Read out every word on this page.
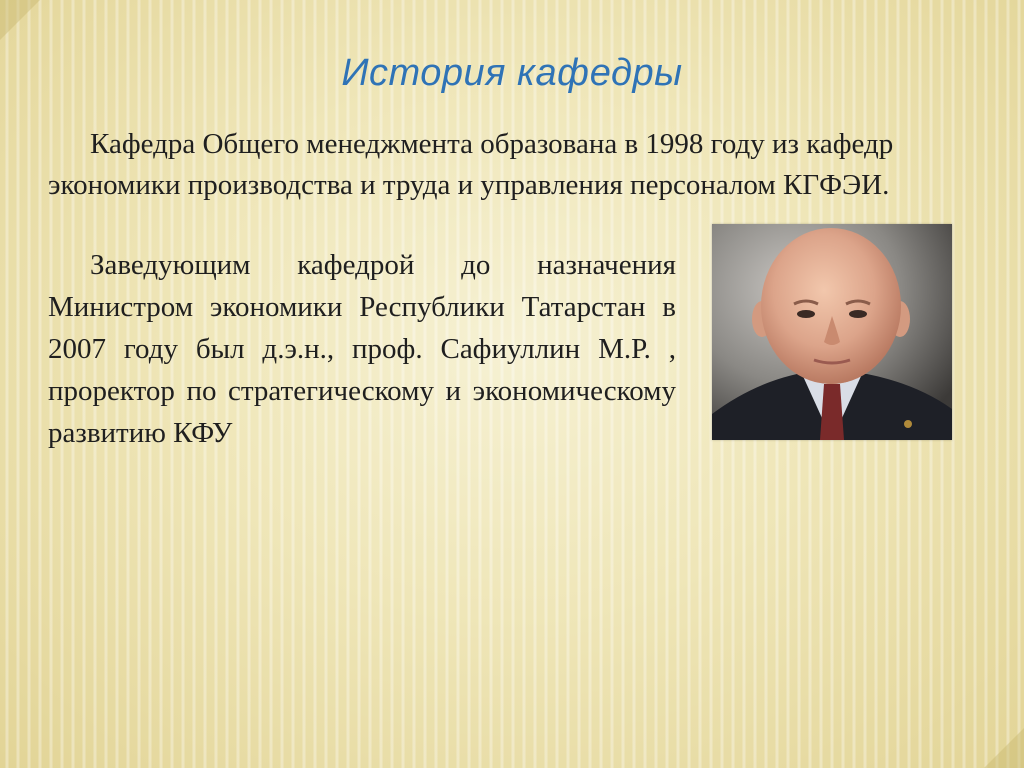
История кафедры

Кафедра Общего менеджмента образована в 1998 году из кафедр экономики производства и труда и управления персоналом КГФЭИ.

Заведующим кафедрой до назначения Министром экономики Республики Татарстан в 2007 году был д.э.н., проф. Сафиуллин М.Р. , проректор по стратегическому и экономическому развитию КФУ
